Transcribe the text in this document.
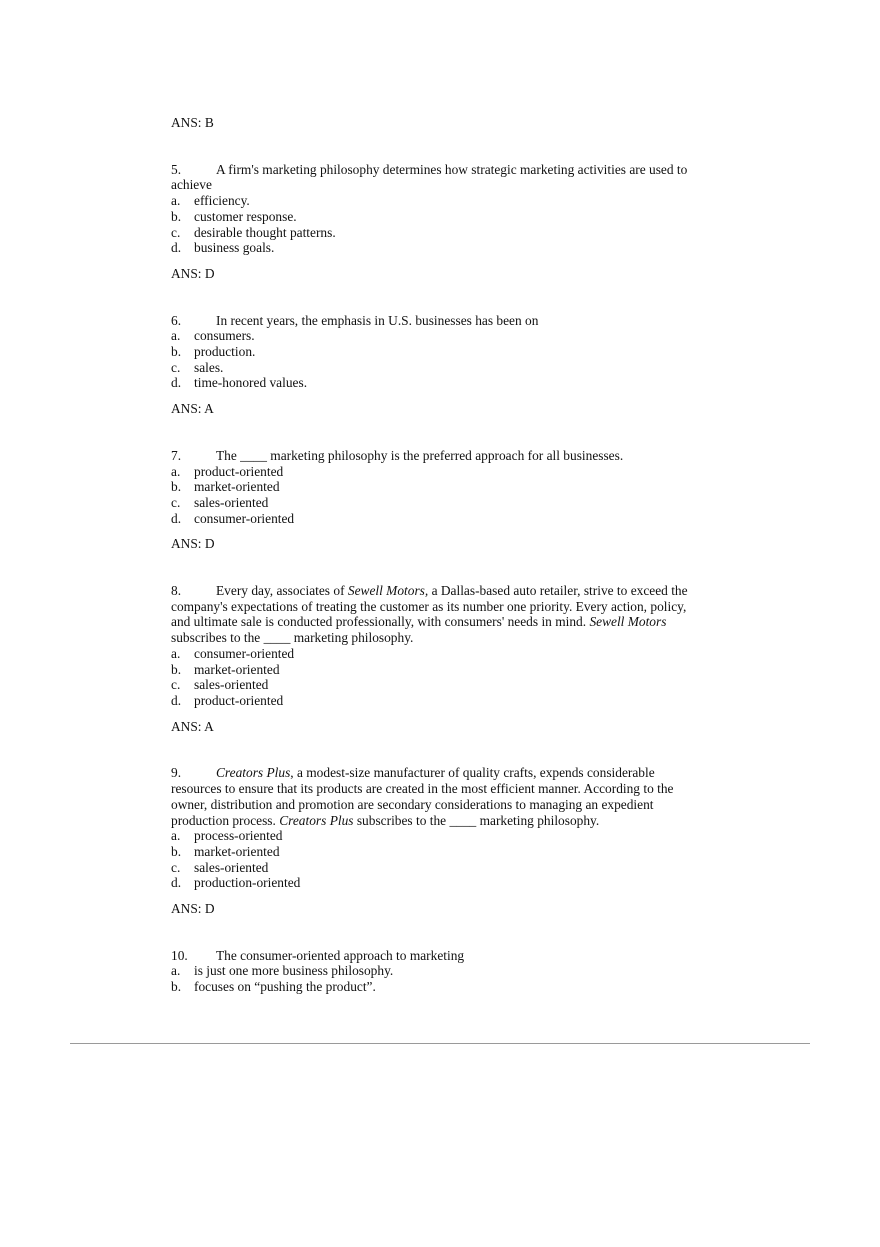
ANS: B

5.	A firm's marketing philosophy determines how strategic marketing activities are used to achieve

a. efficiency.
b. customer response.
c. desirable thought patterns.
d. business goals.

ANS: D

6.	In recent years, the emphasis in U.S. businesses has been on

a. consumers.
b. production.
c. sales.
d. time-honored values.

ANS: A

7.	The ____ marketing philosophy is the preferred approach for all businesses.

a. product-oriented
b. market-oriented
c. sales-oriented
d. consumer-oriented

ANS: D

8.	Every day, associates of Sewell Motors, a Dallas-based auto retailer, strive to exceed the company's expectations of treating the customer as its number one priority. Every action, policy, and ultimate sale is conducted professionally, with consumers' needs in mind. Sewell Motors subscribes to the ____ marketing philosophy.

a. consumer-oriented
b. market-oriented
c. sales-oriented
d. product-oriented

ANS: A

9.	Creators Plus, a modest-size manufacturer of quality crafts, expends considerable resources to ensure that its products are created in the most efficient manner. According to the owner, distribution and promotion are secondary considerations to managing an expedient production process. Creators Plus subscribes to the ____ marketing philosophy.

a. process-oriented
b. market-oriented
c. sales-oriented
d. production-oriented

ANS: D

10. The consumer-oriented approach to marketing

a. is just one more business philosophy.
b. focuses on “pushing the product”.
